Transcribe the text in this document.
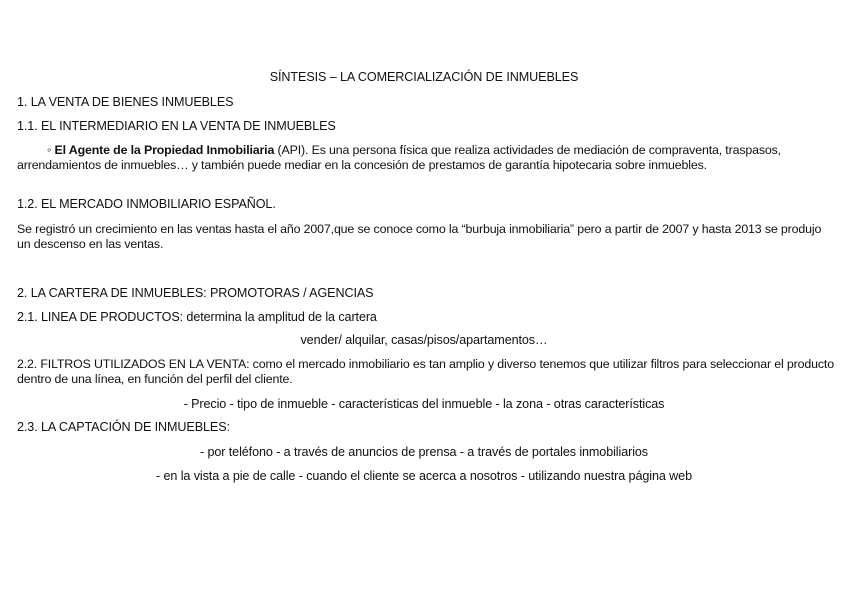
SÍNTESIS – LA COMERCIALIZACIÓN DE INMUEBLES
1. LA VENTA DE BIENES INMUEBLES
1.1. EL INTERMEDIARIO EN LA VENTA DE INMUEBLES
◦ El Agente de la Propiedad Inmobiliaria (API). Es una persona física que realiza actividades de mediación de compraventa, traspasos, arrendamientos de inmuebles… y también puede mediar en la concesión de prestamos de garantía hipotecaria sobre inmuebles.
1.2. EL MERCADO INMOBILIARIO ESPAÑOL.
Se registró un crecimiento en las ventas hasta el año 2007,que se conoce como la “burbuja inmobiliaria” pero a partir de 2007 y hasta 2013 se produjo un descenso en las ventas.
2. LA CARTERA DE INMUEBLES: PROMOTORAS / AGENCIAS
2.1. LINEA DE PRODUCTOS: determina la amplitud de la cartera
vender/ alquilar, casas/pisos/apartamentos…
2.2. FILTROS UTILIZADOS EN LA VENTA: como el mercado inmobiliario es tan amplio y diverso tenemos que utilizar filtros para seleccionar el producto dentro de una línea, en función del perfil del cliente.
- Precio - tipo de inmueble - características del inmueble - la zona - otras características
2.3. LA CAPTACIÓN DE INMUEBLES:
- por teléfono - a través de anuncios de prensa - a través de portales inmobiliarios
- en la vista a pie de calle - cuando el cliente se acerca a nosotros - utilizando nuestra página web
